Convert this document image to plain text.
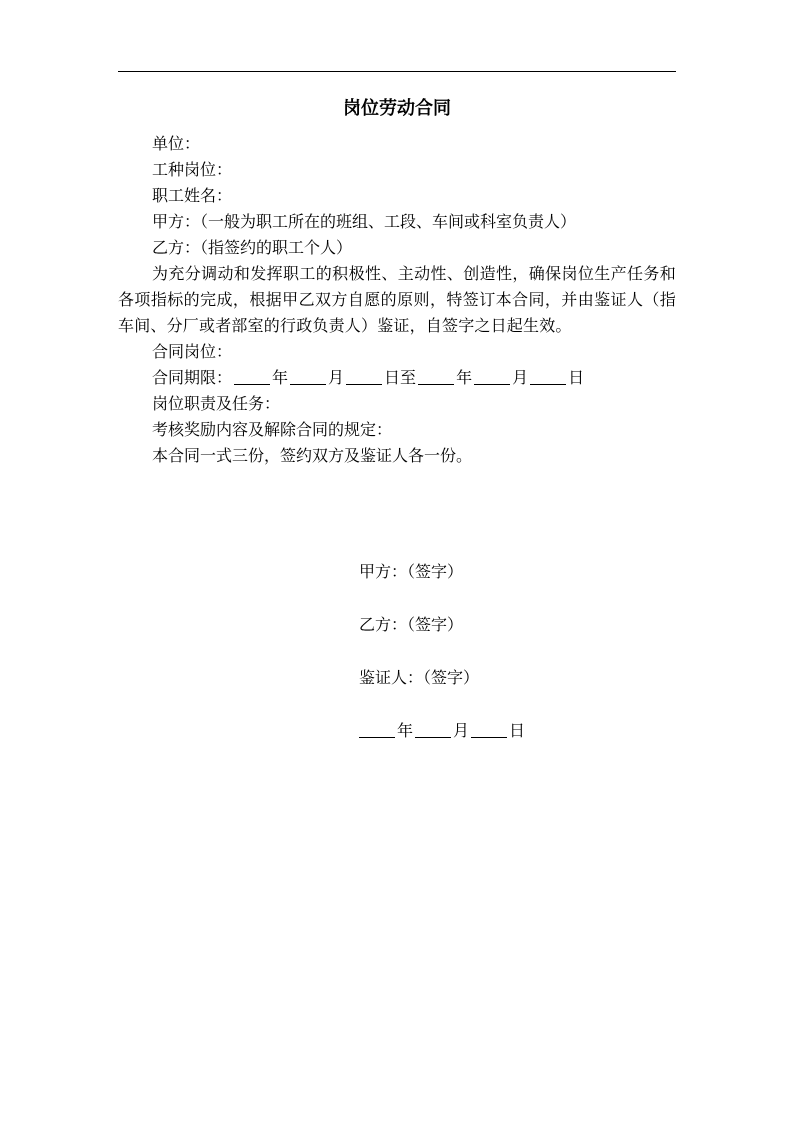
岗位劳动合同
单位：
工种岗位：
职工姓名：
甲方：（一般为职工所在的班组、工段、车间或科室负责人）
乙方：（指签约的职工个人）
为充分调动和发挥职工的积极性、主动性、创造性，确保岗位生产任务和各项指标的完成，根据甲乙双方自愿的原则，特签订本合同，并由鉴证人（指车间、分厂或者部室的行政负责人）鉴证，自签字之日起生效。
合同岗位：
合同期限：	年	月	日至	年	月	日
岗位职责及任务：
考核奖励内容及解除合同的规定：
本合同一式三份，签约双方及鉴证人各一份。
甲方：（签字）
乙方：（签字）
鉴证人：（签字）
年	月	日
